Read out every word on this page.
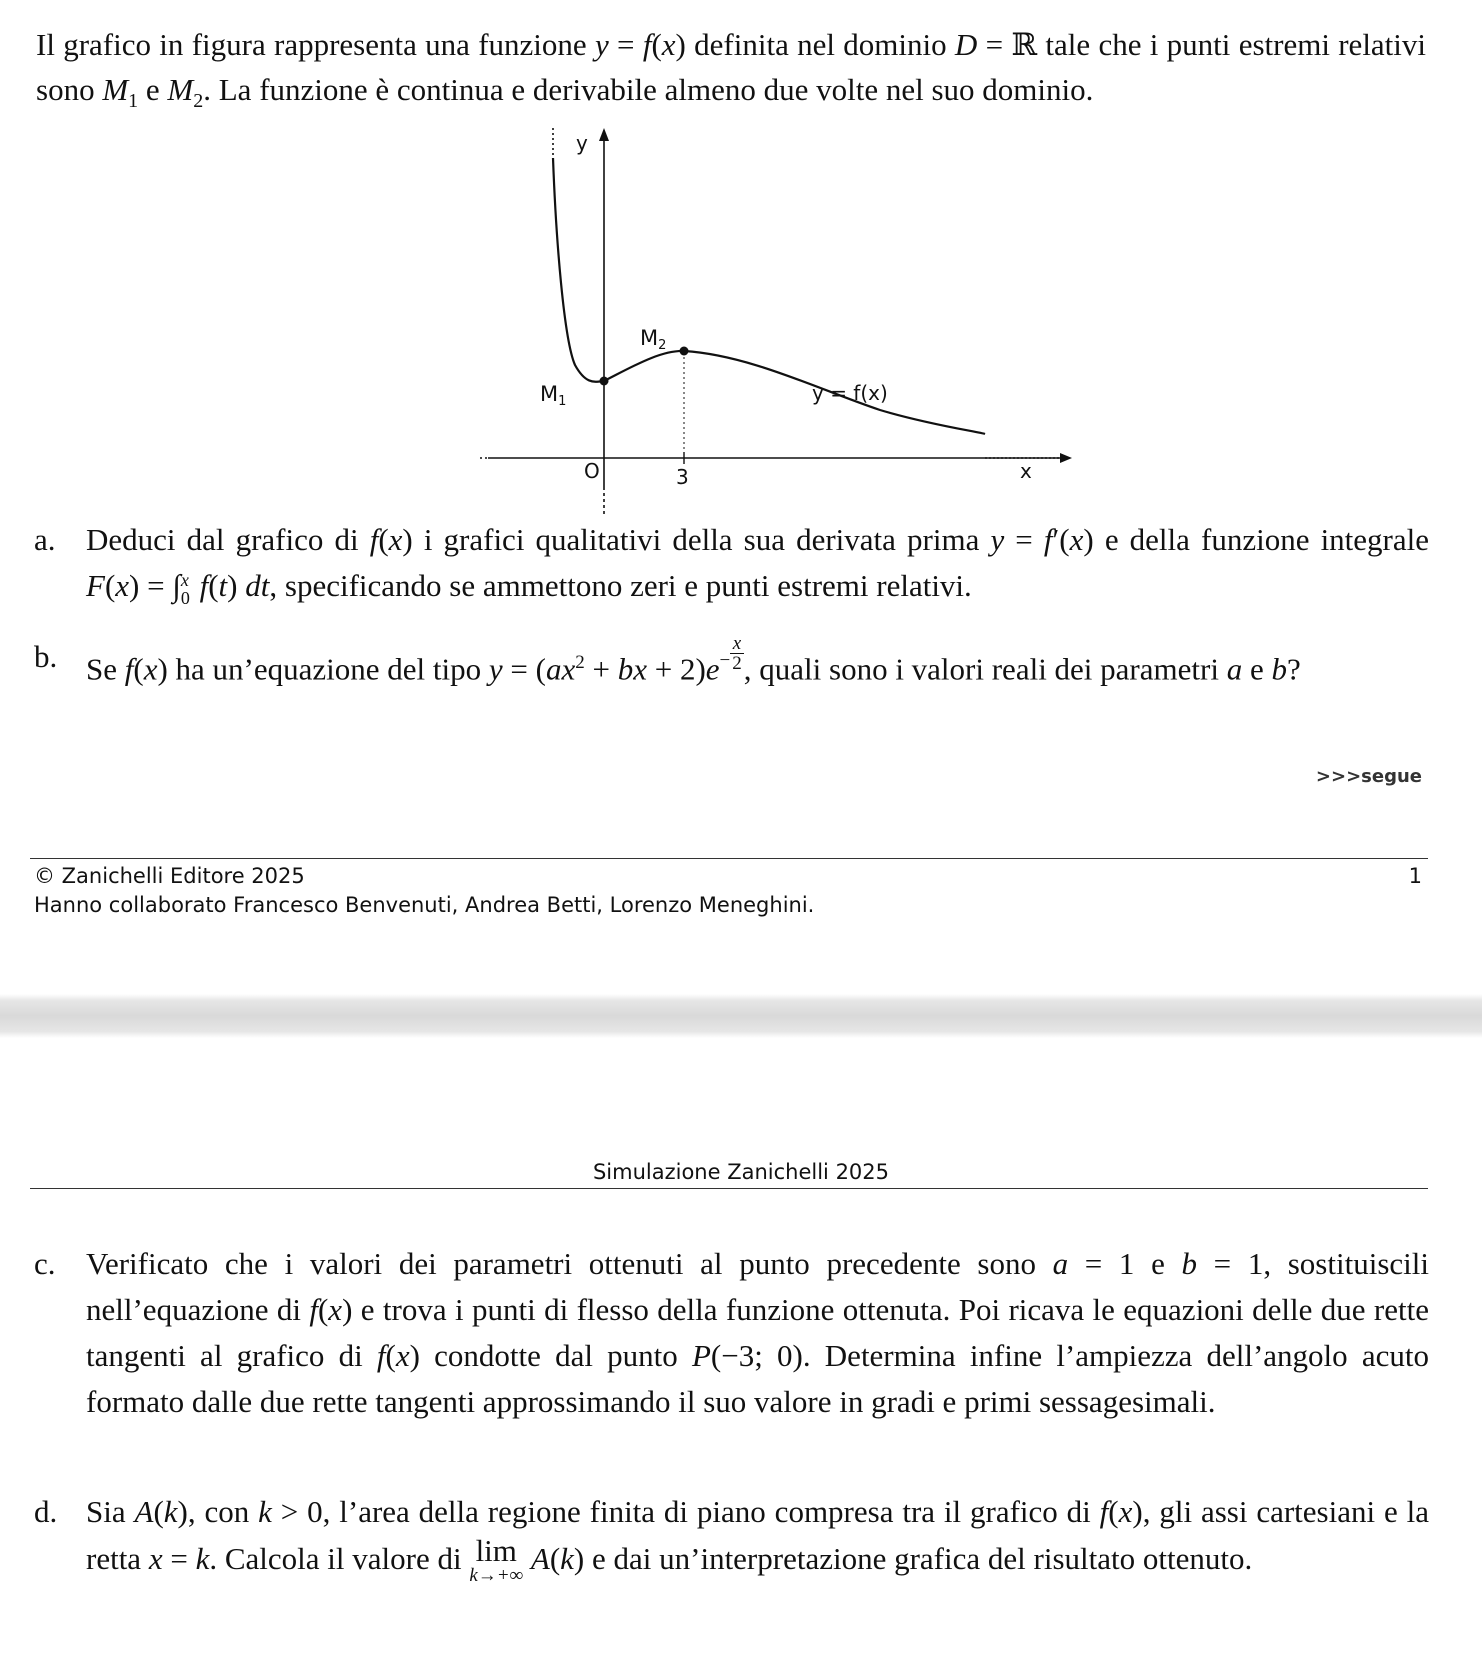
Il grafico in figura rappresenta una funzione y = f(x) definita nel dominio D = ℝ tale che i punti estremi relativi sono $M_1$ e $M_2$. La funzione è continua e derivabile almeno due volte nel suo dominio.
y
x
O	3
M1
M2
y = f(x)
a. Deduci dal grafico di f(x) i grafici qualitativi della sua derivata prima y = f′(x) e della funzione integrale F(x) = ∫ x
0 f(t) dt, specificando se ammettono zeri e punti estremi relativi.
b. Se f(x) ha un’equazione del tipo $y = (ax^2$ + bx + $2)e^- \frac{x}{2}$ , quali sono i valori reali dei parametri a e b?
>>>segue
© Zanichelli Editore 2025	1
Hanno collaborato Francesco Benvenuti, Andrea Betti, Lorenzo Meneghini.
Simulazione Zanichelli 2025
c. Verificato che i valori dei parametri ottenuti al punto precedente sono a = 1 e b = 1, sostituiscili nell’equazione di f(x) e trova i punti di flesso della funzione ottenuta. Poi ricava le equazioni delle due rette tangenti al grafico di f(x) condotte dal punto P(−3; 0). Determina infine l’ampiezza dell’angolo acuto formato dalle due rette tangenti approssimando il suo valore in gradi e primi sessagesimali.
d. Sia A(k), con k > 0, l’area della regione finita di piano compresa tra il grafico di f(x), gli assi cartesiani e la retta x = k. Calcola il valore di lim
k→+∞ A(k) e dai un’interpretazione grafica del risultato ottenuto.
